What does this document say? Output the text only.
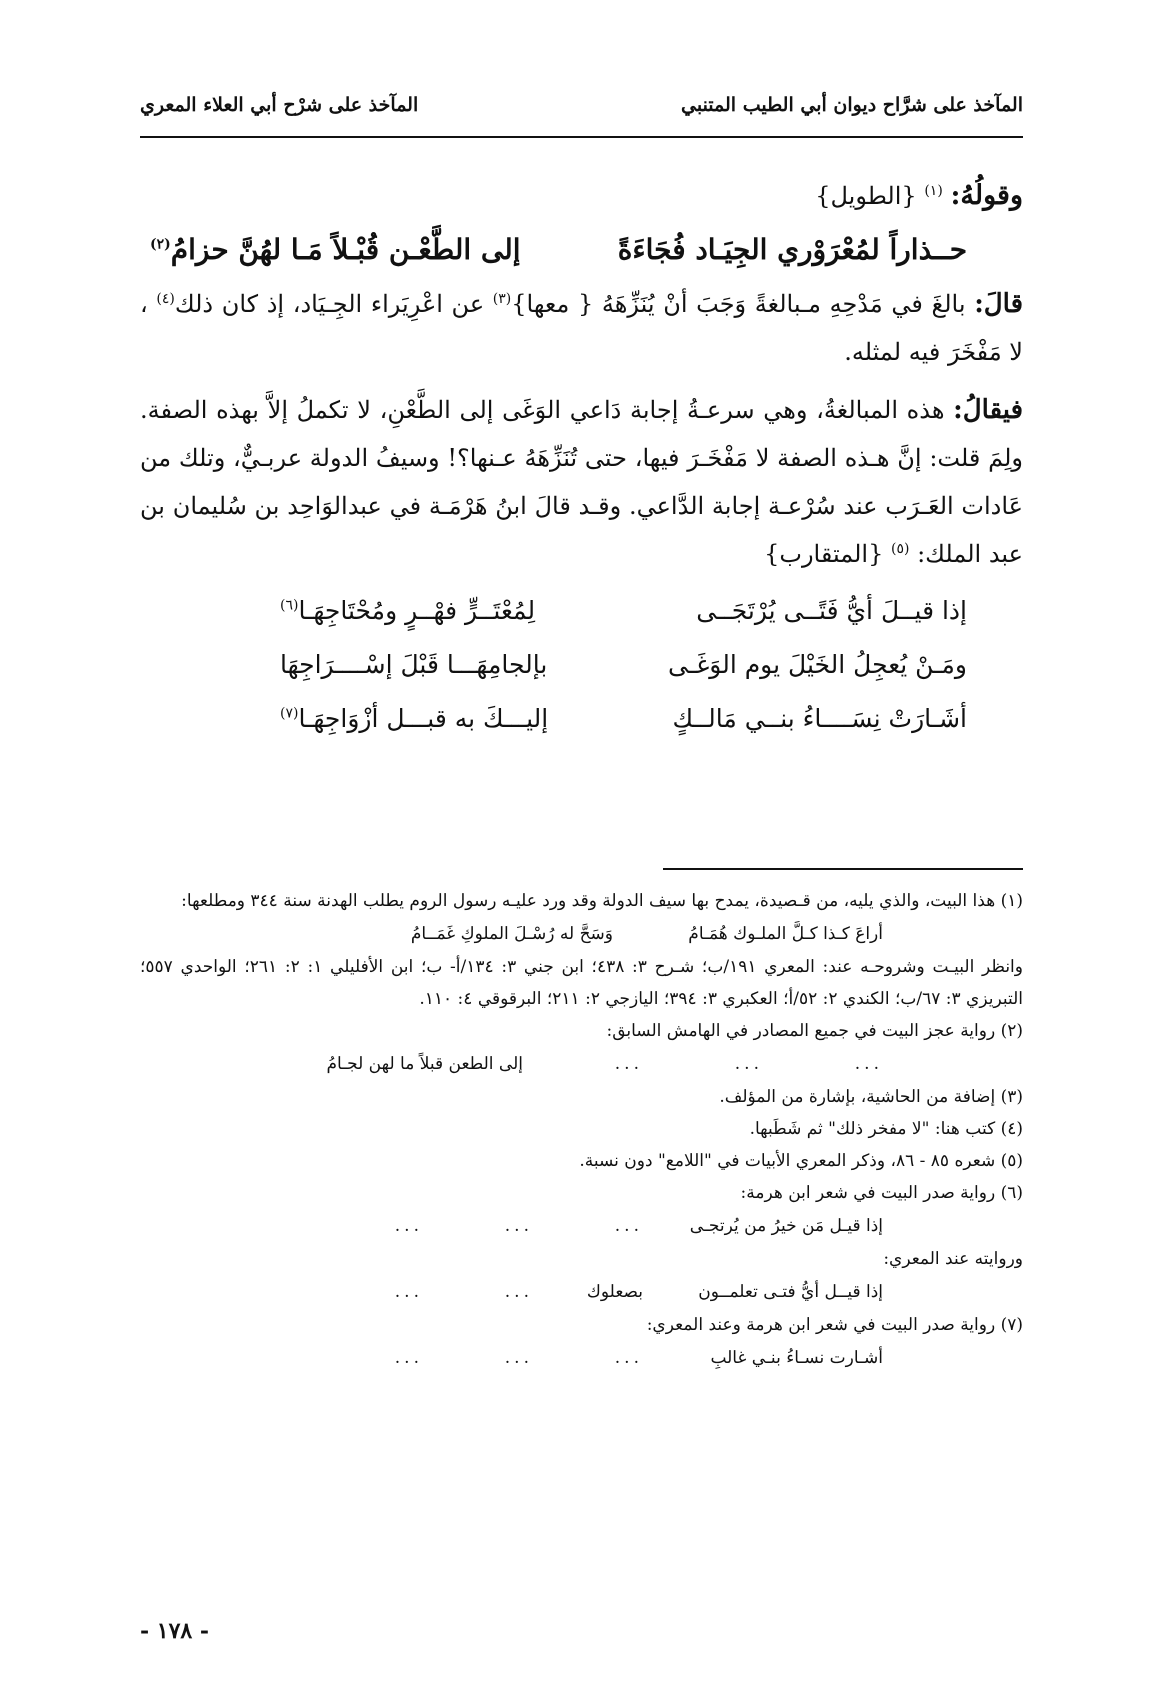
المآخذ على شرَّاح ديوان أبي الطيب المتنبي
المآخذ على شرْح أبي العلاء المعري

وقولُهُ: $^{(١)}$ {الطويل}

حــذاراً لمُعْرَوْري الجِيَـاد فُجَاءَةً
إلى الطَّعْـن قُبْـلاً مَـا لهُنَّ حزامُ$^{(٢)}$

قالَ: بالغَ في مَدْحِهِ مـبالغةً وَجَبَ أنْ يُنَزِّهَهُ { معها}$^{(٣)}$ عن اعْرِيَراء الجِـيَاد، إذ كان ذلك$^{(٤)}$ ، لا مَفْخَرَ فيه لمثله.

فيقالُ: هذه المبالغةُ، وهي سرعـةُ إجابة دَاعي الوَغَى إلى الطَّعْنِ، لا تكملُ إلاَّ بهذه الصفة. ولِمَ قلت: إنَّ هـذه الصفة لا مَفْخَـرَ فيها، حتى تُنَزِّهَهُ عـنها؟! وسيفُ الدولة عربـيٌّ، وتلك من عَادات العَـرَب عند سُرْعـة إجابة الدَّاعي. وقـد قالَ ابنُ هَرْمَـة في عبدالوَاحِد بن سُليمان بن عبد الملك: $^{(٥)}$ {المتقارب}

إذا قيــلَ أيُّ فَتًــى يُرْتَجَــى
لِمُعْتَــرٍّ فهْــرٍ ومُحْتَاجِهَـا$^{(٦)}$
ومَـنْ يُعجِلُ الخَيْلَ يوم الوَغَـى
بإلجامِهَـــا قَبْلَ إسْــــرَاجِهَا
أشَـارَتْ نِسَــــاءُ بنــي مَالــكٍ
إليـــكَ به قبـــل أزْوَاجِهَـا$^{(٧)}$

(١) هذا البيت، والذي يليه، من قـصيدة، يمدح بها سيف الدولة وقد ورد عليـه رسول الروم يطلب الهدنة سنة ٣٤٤ ومطلعها:

أراعَ كـذا كـلَّ الملـوك هُمَـامُ
وَسَحَّ له رُسْـلَ الملوكِ غَمَــامُ

وانظر البيـت وشروحـه عند: المعري ١٩١/ب؛ شـرح ٣: ٤٣٨؛ ابن جني ٣: ١٣٤/أ- ب؛ ابن الأفليلي ١: ٢: ٢٦١؛ الواحدي ٥٥٧؛ التبريزي ٣: ٦٧/ب؛ الكندي ٢: ٥٢/أ؛ العكبري ٣: ٣٩٤؛ اليازجي ٢: ٢١١؛ البرقوقي ٤: ١١٠.

(٢) رواية عجز البيت في جميع المصادر في الهامش السابق:

...
...
...
إلى الطعن قبلاً ما لهن لجـامُ

(٣) إضافة من الحاشية، بإشارة من المؤلف.

(٤) كتب هنا: "لا مفخر ذلك" ثم شَطَبها.

(٥) شعره ٨٥ - ٨٦، وذكر المعري الأبيات في "اللامع" دون نسبة.

(٦) رواية صدر البيت في شعر ابن هرمة:

إذا قيـل مَن خيرُ من يُرتجـى
...
...
...

وروايته عند المعري:

إذا قيــل أيُّ فتـى تعلمــون
بصعلوك
...
...

(٧) رواية صدر البيت في شعر ابن هرمة وعند المعري:

أشـارت نسـاءُ بنـي غالبِ
...
...
...
- ١٧٨ -
